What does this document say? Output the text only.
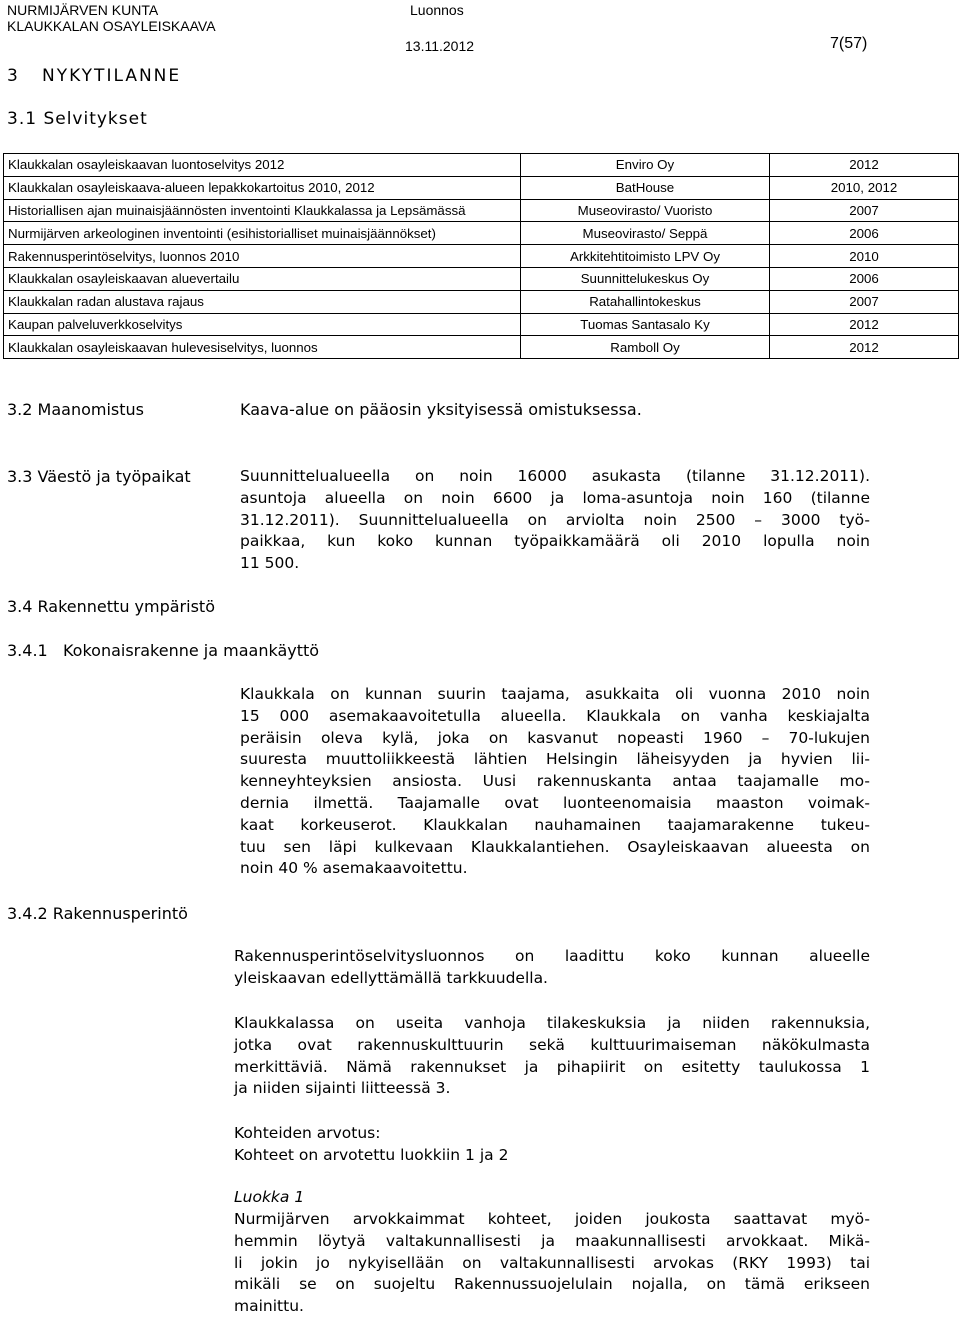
NURMIJÄRVEN KUNTA
KLAUKKALAN OSAYLEISKAAVA
Luonnos
13.11.2012	7(57)
3   NYKYTILANNE
3.1 Selvitykset
Klaukkalan osayleiskaavan luontoselvitys 2012	Enviro Oy	2012
Klaukkalan osayleiskaava-alueen lepakkokartoitus 2010, 2012	BatHouse	2010, 2012
Historiallisen ajan muinaisjäännösten inventointi Klaukkalassa ja Lepsämässä	Museovirasto/ Vuoristo	2007
Nurmijärven arkeologinen inventointi (esihistorialliset muinaisjäännökset)	Museovirasto/ Seppä	2006
Rakennusperintöselvitys, luonnos 2010	Arkkitehtitoimisto LPV Oy	2010
Klaukkalan osayleiskaavan aluevertailu	Suunnittelukeskus Oy	2006
Klaukkalan radan alustava rajaus	Ratahallintokeskus	2007
Kaupan palveluverkkoselvitys	Tuomas Santasalo Ky	2012
Klaukkalan osayleiskaavan hulevesiselvitys, luonnos	Ramboll Oy	2012
3.2 Maanomistus	Kaava-alue on pääosin yksityisessä omistuksessa.
3.3 Väestö ja työpaikat	Suunnittelualueella on noin 16000 asukasta (tilanne 31.12.2011).

asuntoja alueella on noin 6600 ja loma-asuntoja noin 160 (tilanne

31.12.2011). Suunnittelualueella on arviolta noin 2500 – 3000 työ-

paikkaa, kun koko kunnan työpaikkamäärä oli 2010 lopulla noin

11 500.

3.4 Rakennettu ympäristö
3.4.1   Kokonaisrakenne ja maankäyttö

Klaukkala on kunnan suurin taajama, asukkaita oli vuonna 2010 noin

15 000 asemakaavoitetulla alueella. Klaukkala on vanha keskiajalta

peräisin oleva kylä, joka on kasvanut nopeasti 1960 – 70-lukujen

suuresta muuttoliikkeestä lähtien Helsingin läheisyyden ja hyvien lii-

kenneyhteyksien ansiosta. Uusi rakennuskanta antaa taajamalle mo-

dernia ilmettä. Taajamalle ovat luonteenomaisia maaston voimak-

kaat korkeuserot. Klaukkalan nauhamainen taajamarakenne tukeu-

tuu sen läpi kulkevaan Klaukkalantiehen. Osayleiskaavan alueesta on

noin 40 % asemakaavoitettu.

3.4.2 Rakennusperintö

Rakennusperintöselvitysluonnos on laadittu koko kunnan alueelle

yleiskaavan edellyttämällä tarkkuudella.

Klaukkalassa on useita vanhoja tilakeskuksia ja niiden rakennuksia,

jotka ovat rakennuskulttuurin sekä kulttuurimaiseman näkökulmasta

merkittäviä. Nämä rakennukset ja pihapiirit on esitetty taulukossa 1

ja niiden sijainti liitteessä 3.

Kohteiden arvotus:

Kohteet on arvotettu luokkiin 1 ja 2

Luokka 1

Nurmijärven arvokkaimmat kohteet, joiden joukosta saattavat myö-

hemmin löytyä valtakunnallisesti ja maakunnallisesti arvokkaat. Mikä-

li jokin jo nykyisellään on valtakunnallisesti arvokas (RKY 1993) tai

mikäli se on suojeltu Rakennussuojelulain nojalla, on tämä erikseen

mainittu.
